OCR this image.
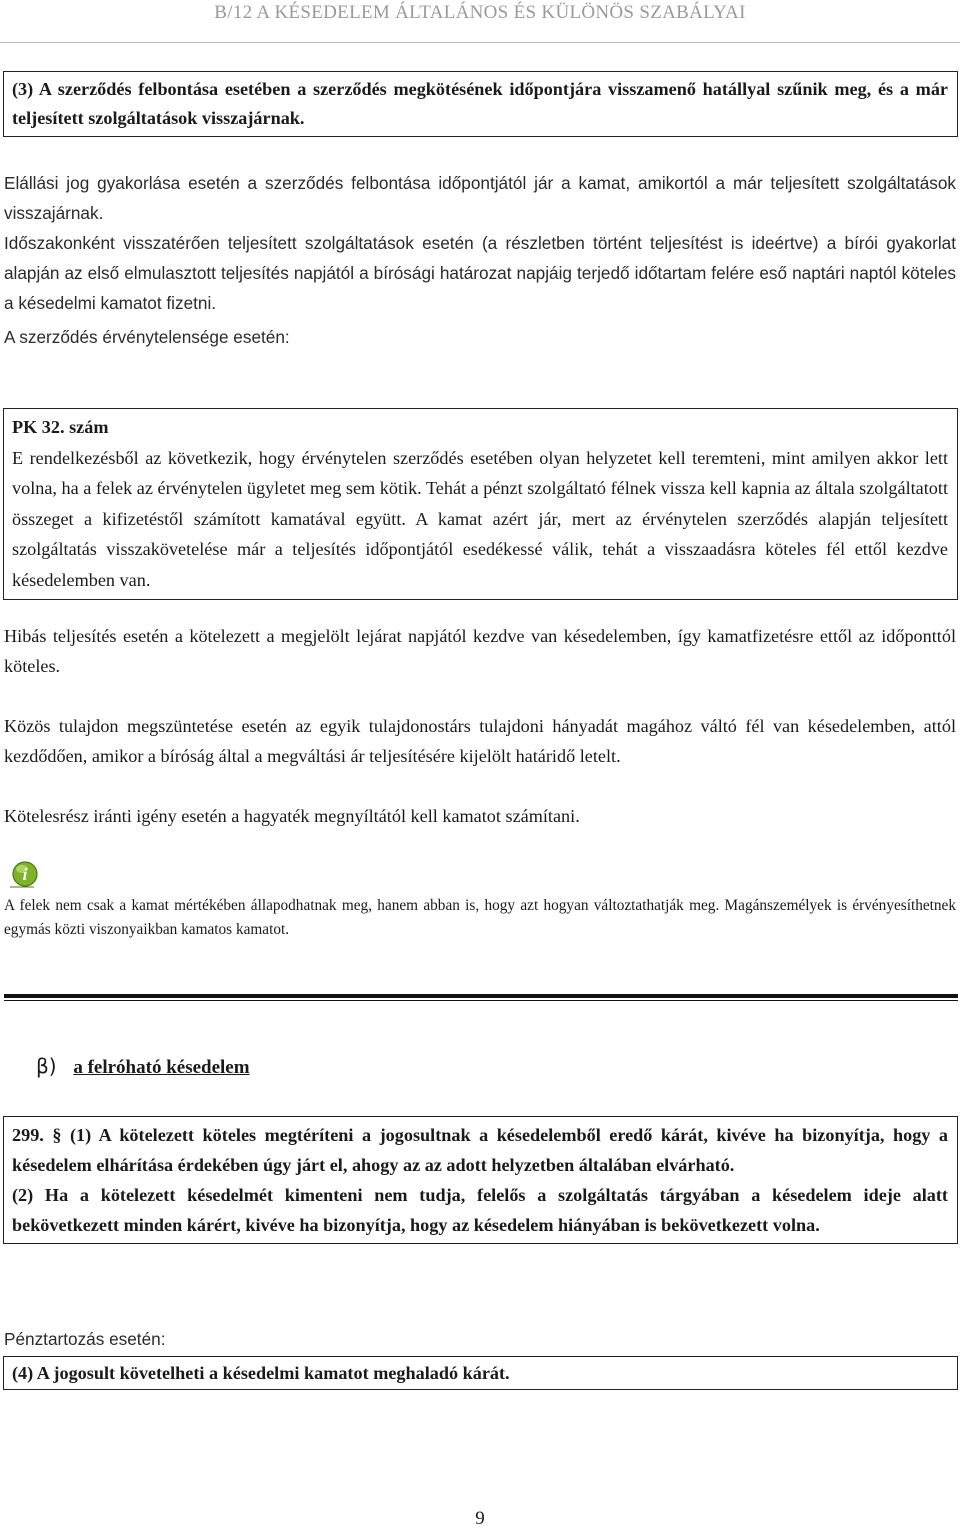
B/12 A KÉSEDELEM ÁLTALÁNOS ÉS KÜLÖNÖS SZABÁLYAI
(3) A szerződés felbontása esetében a szerződés megkötésének időpontjára visszamenő hatállyal szűnik meg, és a már teljesített szolgáltatások visszajárnak.
Elállási jog gyakorlása esetén a szerződés felbontása időpontjától jár a kamat, amikortól a már teljesített szolgáltatások visszajárnak.
Időszakonként visszatérően teljesített szolgáltatások esetén (a részletben történt teljesítést is ideértve) a bírói gyakorlat alapján az első elmulasztott teljesítés napjától a bírósági határozat napjáig terjedő időtartam felére eső naptári naptól köteles a késedelmi kamatot fizetni.
A szerződés érvénytelensége esetén:
PK 32. szám
E rendelkezésből az következik, hogy érvénytelen szerződés esetében olyan helyzetet kell teremteni, mint amilyen akkor lett volna, ha a felek az érvénytelen ügyletet meg sem kötik. Tehát a pénzt szolgáltató félnek vissza kell kapnia az általa szolgáltatott összeget a kifizetéstől számított kamatával együtt. A kamat azért jár, mert az érvénytelen szerződés alapján teljesített szolgáltatás visszakövetelése már a teljesítés időpontjától esedékessé válik, tehát a visszaadásra köteles fél ettől kezdve késedelemben van.
Hibás teljesítés esetén a kötelezett a megjelölt lejárat napjától kezdve van késedelemben, így kamatfizetésre ettől az időponttól köteles.
Közös tulajdon megszüntetése esetén az egyik tulajdonostárs tulajdoni hányadát magához váltó fél van késedelemben, attól kezdődően, amikor a bíróság által a megváltási ár teljesítésére kijelölt határidő letelt.
Kötelesrész iránti igény esetén a hagyaték megnyíltától kell kamatot számítani.
i
A felek nem csak a kamat mértékében állapodhatnak meg, hanem abban is, hogy azt hogyan változtathatják meg. Magánszemélyek is érvényesíthetnek egymás közti viszonyaikban kamatos kamatot.
β) a felróható késedelem
299. § (1) A kötelezett köteles megtéríteni a jogosultnak a késedelemből eredő kárát, kivéve ha bizonyítja, hogy a késedelem elhárítása érdekében úgy járt el, ahogy az az adott helyzetben általában elvárható.
(2) Ha a kötelezett késedelmét kimenteni nem tudja, felelős a szolgáltatás tárgyában a késedelem ideje alatt bekövetkezett minden kárért, kivéve ha bizonyítja, hogy az késedelem hiányában is bekövetkezett volna.
Pénztartozás esetén:
(4) A jogosult követelheti a késedelmi kamatot meghaladó kárát.
9
